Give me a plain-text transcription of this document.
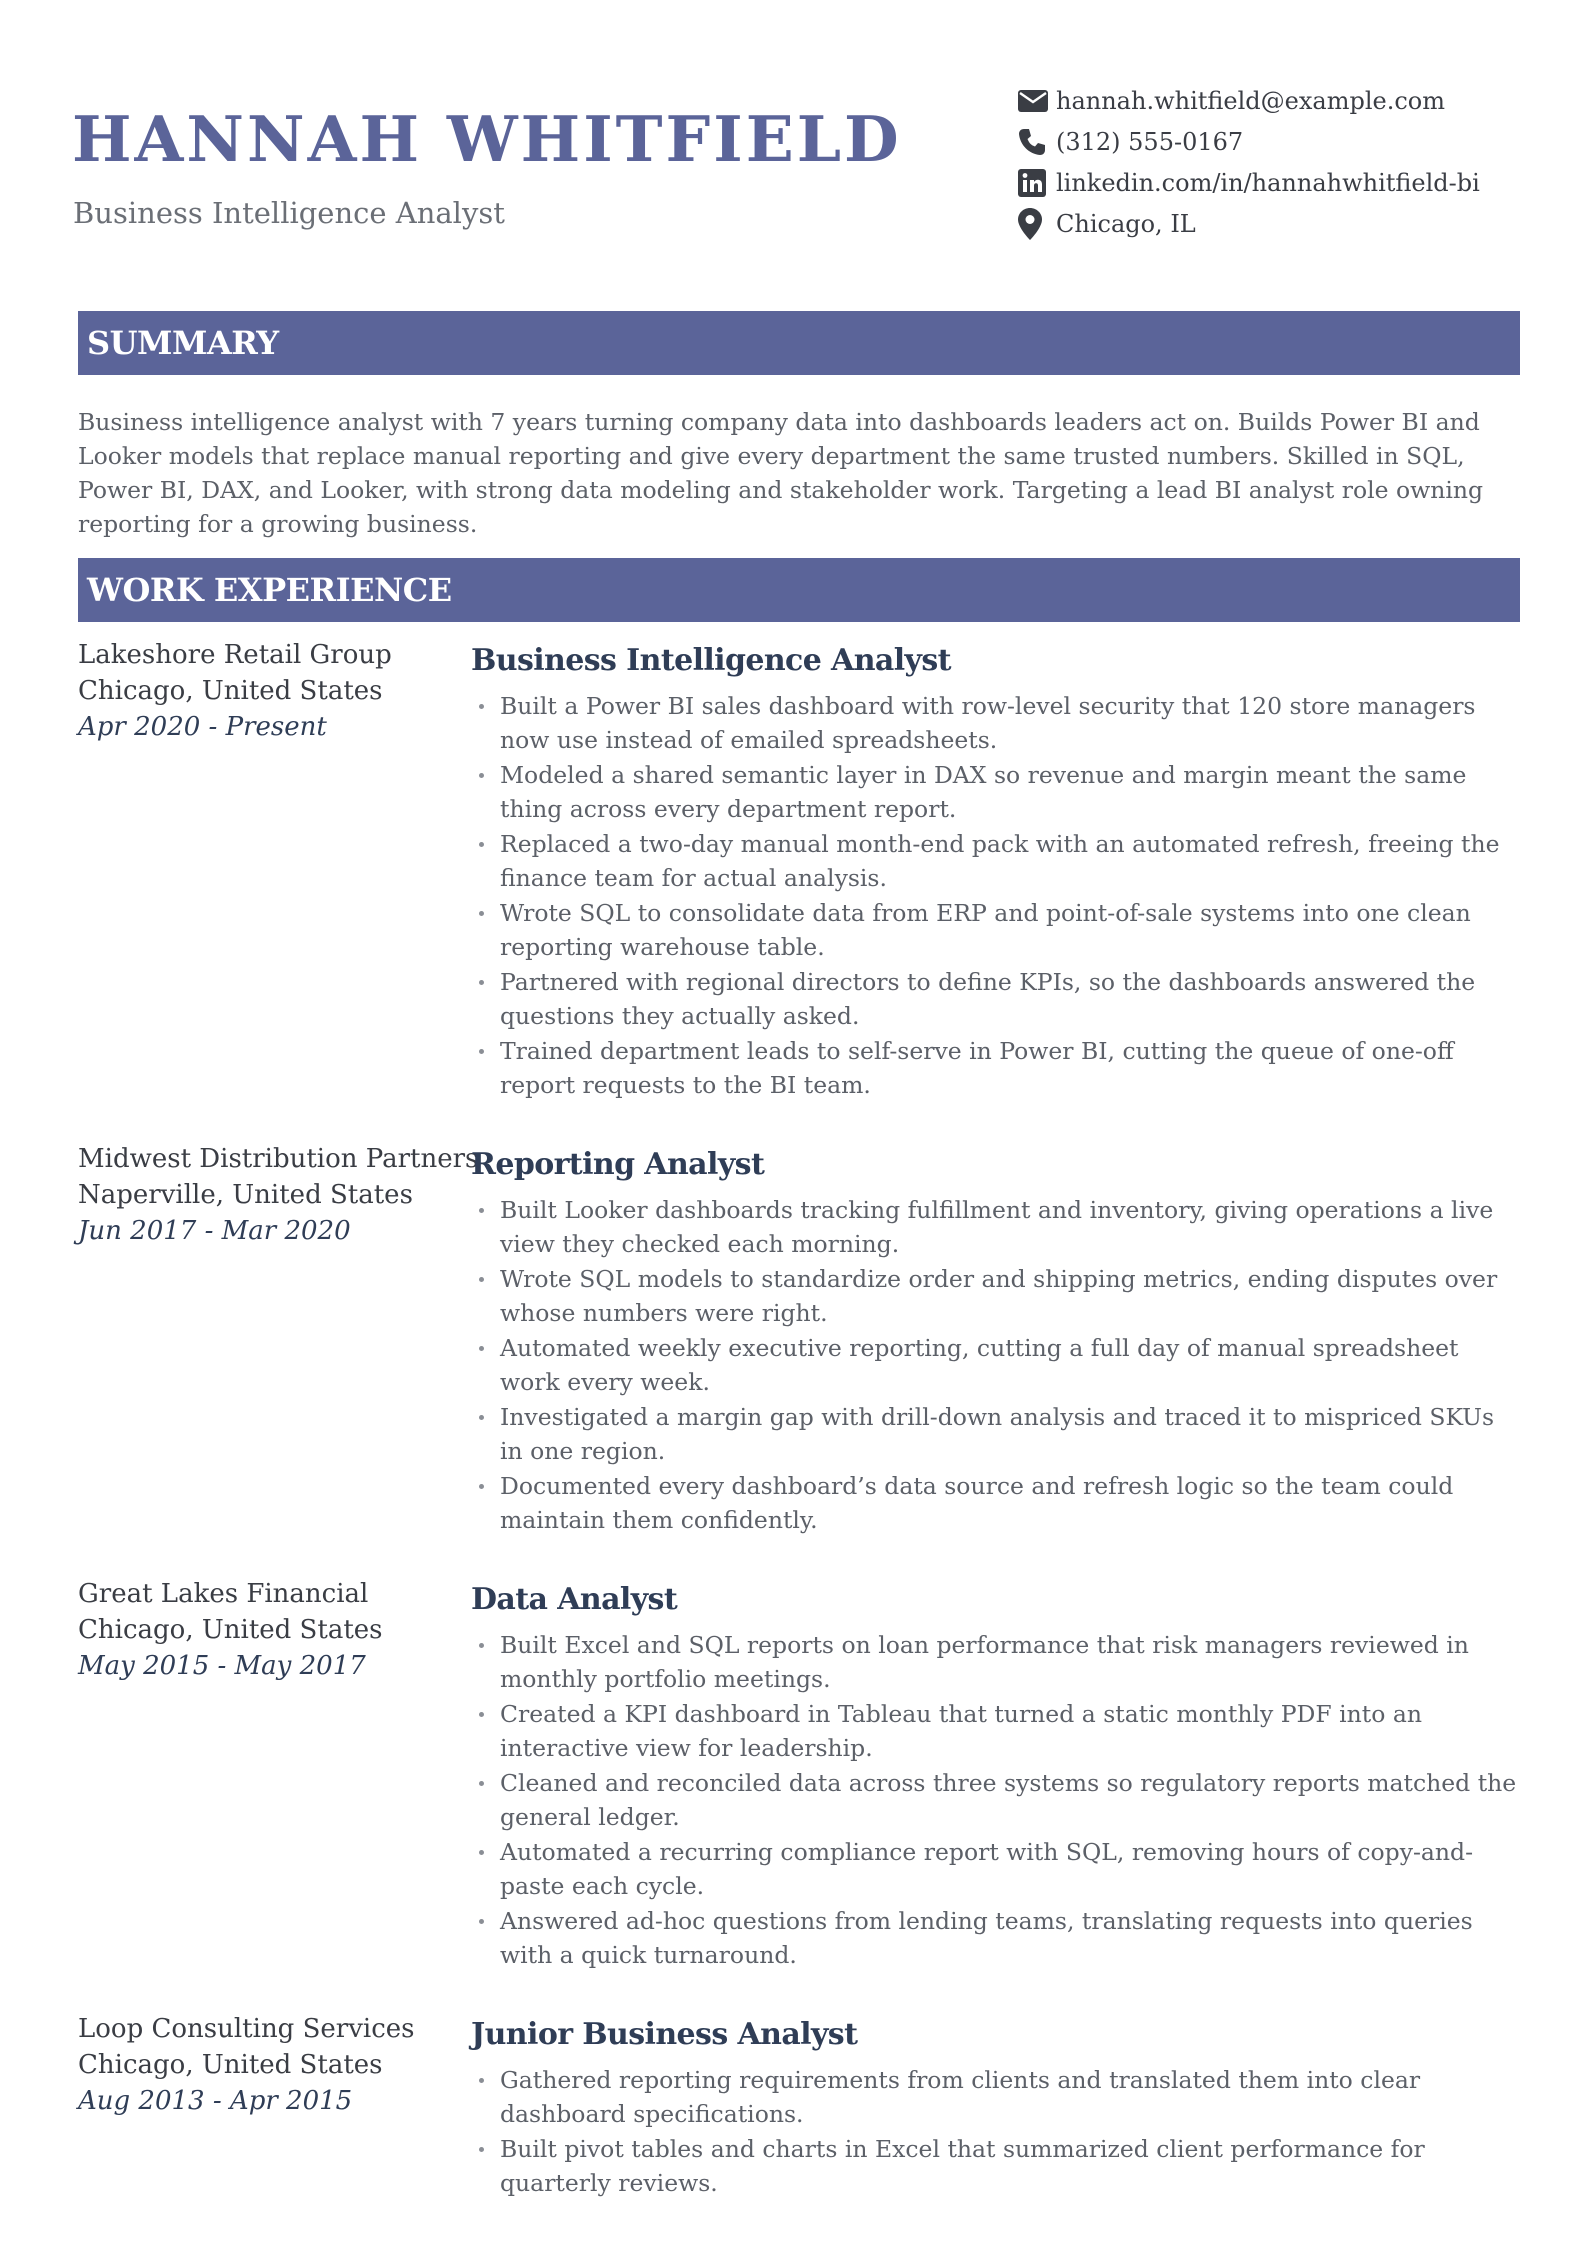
HANNAH WHITFIELD
Business Intelligence Analyst
hannah.whitfield@example.com
(312) 555-0167
linkedin.com/in/hannahwhitfield-bi
Chicago, IL
SUMMARY
Business intelligence analyst with 7 years turning company data into dashboards leaders act on. Builds Power BI and Looker models that replace manual reporting and give every department the same trusted numbers. Skilled in SQL, Power BI, DAX, and Looker, with strong data modeling and stakeholder work. Targeting a lead BI analyst role owning reporting for a growing business.
WORK EXPERIENCE
Lakeshore Retail Group
Chicago, United States
Apr 2020 - Present
Business Intelligence Analyst
Built a Power BI sales dashboard with row-level security that 120 store managers now use instead of emailed spreadsheets.
Modeled a shared semantic layer in DAX so revenue and margin meant the same thing across every department report.
Replaced a two-day manual month-end pack with an automated refresh, freeing the finance team for actual analysis.
Wrote SQL to consolidate data from ERP and point-of-sale systems into one clean reporting warehouse table.
Partnered with regional directors to define KPIs, so the dashboards answered the questions they actually asked.
Trained department leads to self-serve in Power BI, cutting the queue of one-off report requests to the BI team.
Midwest Distribution Partners
Naperville, United States
Jun 2017 - Mar 2020
Reporting Analyst
Built Looker dashboards tracking fulfillment and inventory, giving operations a live view they checked each morning.
Wrote SQL models to standardize order and shipping metrics, ending disputes over whose numbers were right.
Automated weekly executive reporting, cutting a full day of manual spreadsheet work every week.
Investigated a margin gap with drill-down analysis and traced it to mispriced SKUs in one region.
Documented every dashboard’s data source and refresh logic so the team could maintain them confidently.
Great Lakes Financial
Chicago, United States
May 2015 - May 2017
Data Analyst
Built Excel and SQL reports on loan performance that risk managers reviewed in monthly portfolio meetings.
Created a KPI dashboard in Tableau that turned a static monthly PDF into an interactive view for leadership.
Cleaned and reconciled data across three systems so regulatory reports matched the general ledger.
Automated a recurring compliance report with SQL, removing hours of copy-and-paste each cycle.
Answered ad-hoc questions from lending teams, translating requests into queries with a quick turnaround.
Loop Consulting Services
Chicago, United States
Aug 2013 - Apr 2015
Junior Business Analyst
Gathered reporting requirements from clients and translated them into clear dashboard specifications.
Built pivot tables and charts in Excel that summarized client performance for quarterly reviews.
